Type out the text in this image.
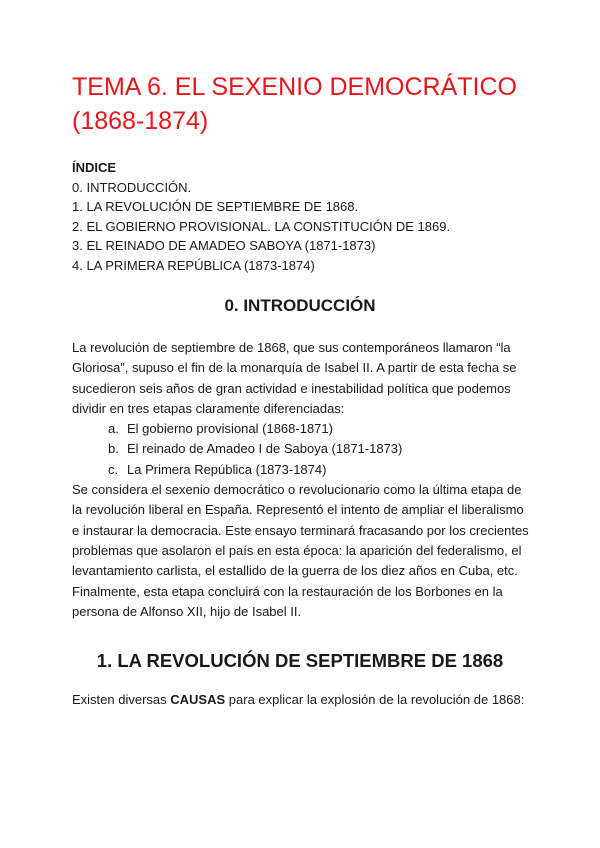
TEMA 6. EL SEXENIO DEMOCRÁTICO
(1868-1874)
ÍNDICE
0. INTRODUCCIÓN.
1. LA REVOLUCIÓN DE SEPTIEMBRE DE 1868.
2. EL GOBIERNO PROVISIONAL. LA CONSTITUCIÓN DE 1869.
3. EL REINADO DE AMADEO SABOYA (1871-1873)
4. LA PRIMERA REPÚBLICA (1873-1874)
0. INTRODUCCIÓN

La revolución de septiembre de 1868, que sus contemporáneos llamaron “la Gloriosa”, supuso el fin de la monarquía de Isabel II. A partir de esta fecha se sucedieron seis años de gran actividad e inestabilidad política que podemos dividir en tres etapas claramente diferenciadas:

a. El gobierno provisional (1868-1871)
b. El reinado de Amadeo I de Saboya (1871-1873)
c. La Primera República (1873-1874)

Se considera el sexenio democrático o revolucionario como la última etapa de la revolución liberal en España. Representó el intento de ampliar el liberalismo e instaurar la democracia. Este ensayo terminará fracasando por los crecientes problemas que asolaron el país en esta época: la aparición del federalismo, el levantamiento carlista, el estallido de la guerra de los diez años en Cuba, etc.

Finalmente, esta etapa concluirá con la restauración de los Borbones en la persona de Alfonso XII, hijo de Isabel II.

1. LA REVOLUCIÓN DE SEPTIEMBRE DE 1868

Existen diversas CAUSAS para explicar la explosión de la revolución de 1868:
